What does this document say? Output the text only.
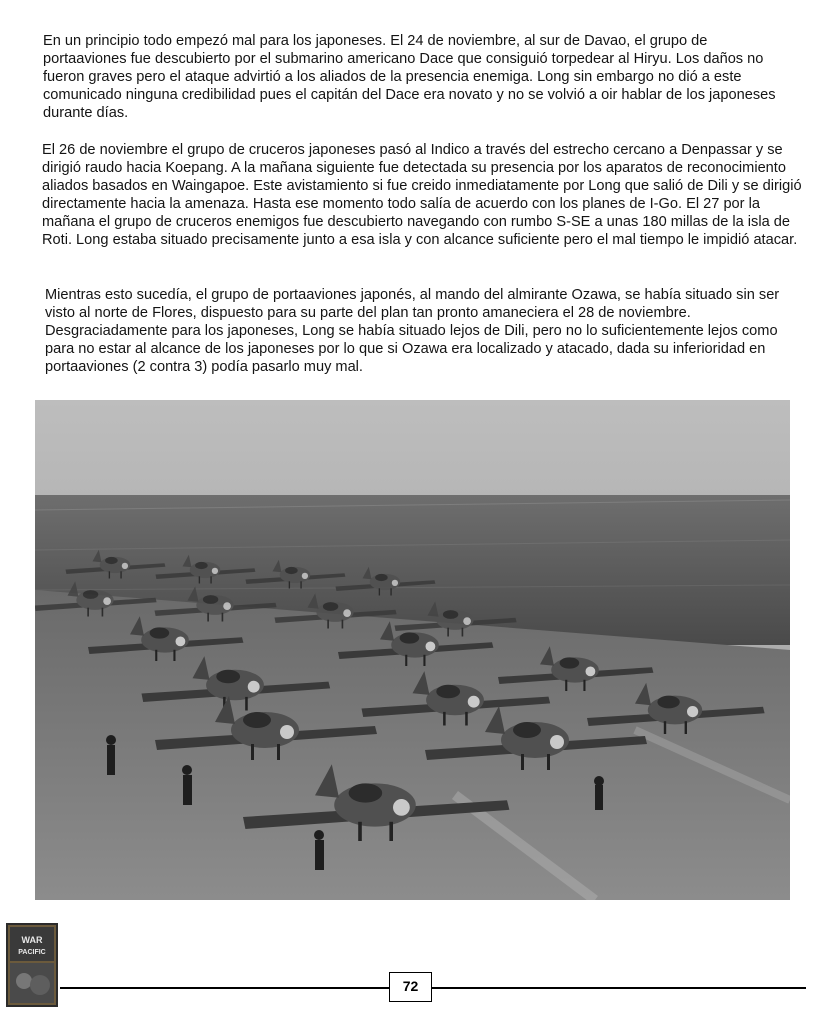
En un principio todo empezó mal para los japoneses. El 24 de noviembre, al sur de Davao, el grupo de portaaviones fue descubierto por el submarino americano Dace que consiguió torpedear al Hiryu. Los daños no fueron graves pero el ataque advirtió a los aliados de la presencia enemiga. Long sin embargo no dió a este comunicado ninguna credibilidad pues el capitán del Dace era novato y no se volvió a oir hablar de los japoneses durante días.

El 26 de noviembre el grupo de cruceros japoneses pasó al Indico a través del estrecho cercano a Denpassar y se dirigió raudo hacia Koepang. A la mañana siguiente fue detectada su presencia por los aparatos de reconocimiento aliados basados en Waingapoe. Este avistamiento si fue creido inmediatamente por Long que salió de Dili y se dirigió directamente hacia la amenaza. Hasta ese momento todo salía de acuerdo con los planes de I-Go. El 27 por la mañana el grupo de cruceros enemigos fue descubierto navegando con rumbo S-SE a unas 180 millas de la isla de Roti. Long estaba situado precisamente junto a esa isla y con alcance suficiente pero el mal tiempo le impidió atacar.

Mientras esto sucedía, el grupo de portaaviones japonés, al mando del almirante Ozawa, se había situado sin ser visto al norte de Flores, dispuesto para su parte del plan tan pronto amaneciera el 28 de noviembre. Desgraciadamente para los japoneses, Long se había situado lejos de Dili, pero no lo suficientemente lejos como para no estar al alcance de los japoneses por lo que si Ozawa era localizado y atacado, dada su inferioridad en portaaviones (2 contra 3) podía pasarlo muy mal.

WAR
PACIFIC
72
